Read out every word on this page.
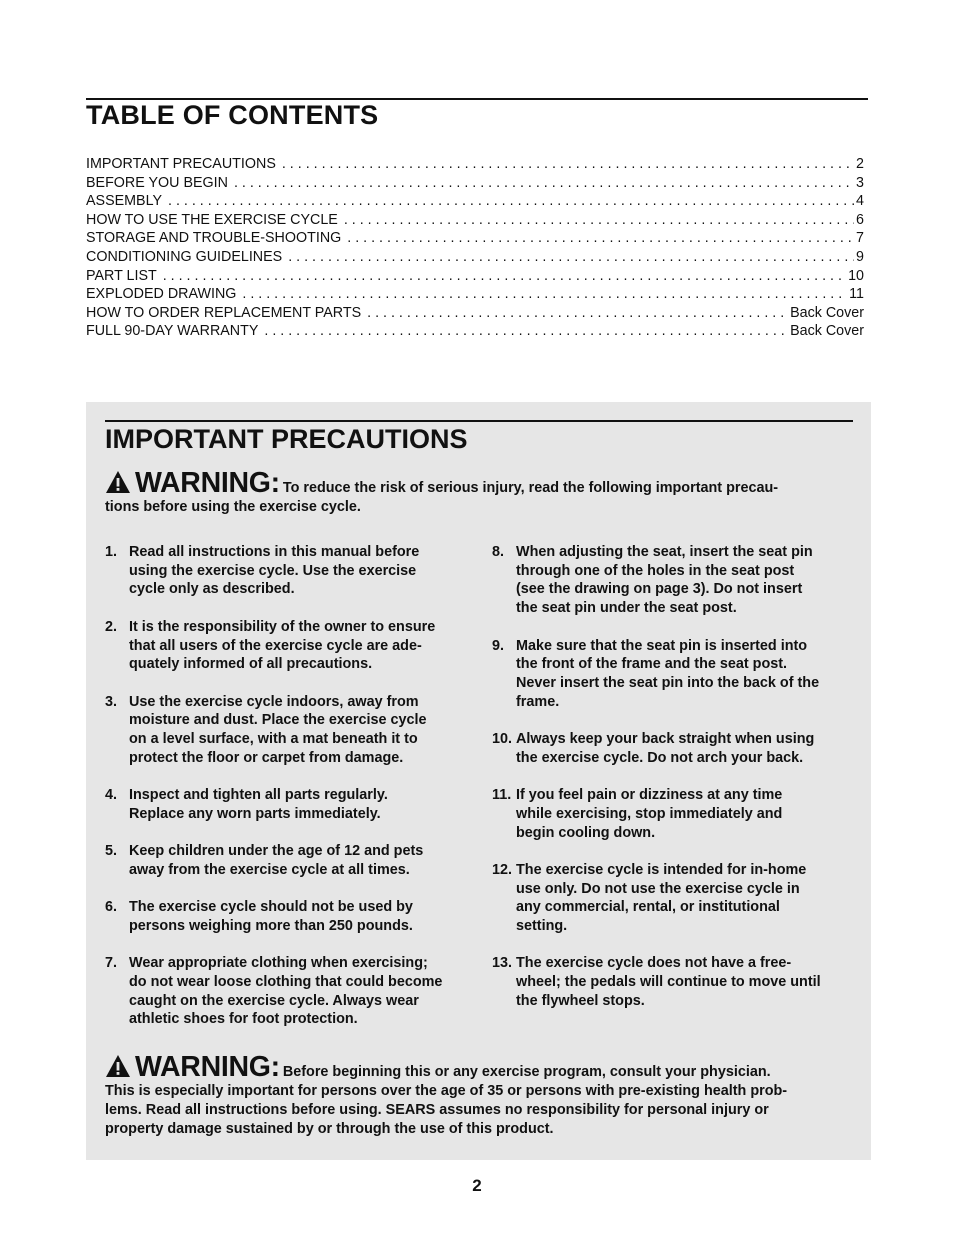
TABLE OF CONTENTS
IMPORTANT PRECAUTIONS . . .	2
BEFORE YOU BEGIN . . .	3
ASSEMBLY . . .	4
HOW TO USE THE EXERCISE CYCLE . . .	6
STORAGE AND TROUBLE-SHOOTING . . .	7
CONDITIONING GUIDELINES . . .	9
PART LIST . . .	10
EXPLODED DRAWING . . .	11
HOW TO ORDER REPLACEMENT PARTS . . .	Back Cover
FULL 90-DAY WARRANTY . . .	Back Cover
IMPORTANT PRECAUTIONS
WARNING: To reduce the risk of serious injury, read the following important precau-
tions before using the exercise cycle.
1. Read all instructions in this manual before
using the exercise cycle. Use the exercise
cycle only as described.
2. It is the responsibility of the owner to ensure
that all users of the exercise cycle are ade-
quately informed of all precautions.
3. Use the exercise cycle indoors, away from
moisture and dust. Place the exercise cycle
on a level surface, with a mat beneath it to
protect the floor or carpet from damage.
4. Inspect and tighten all parts regularly.
Replace any worn parts immediately.
5. Keep children under the age of 12 and pets
away from the exercise cycle at all times.
6. The exercise cycle should not be used by
persons weighing more than 250 pounds.
7. Wear appropriate clothing when exercising;
do not wear loose clothing that could become
caught on the exercise cycle. Always wear
athletic shoes for foot protection.
8. When adjusting the seat, insert the seat pin
through one of the holes in the seat post
(see the drawing on page 3). Do not insert
the seat pin under the seat post.
9. Make sure that the seat pin is inserted into
the front of the frame and the seat post.
Never insert the seat pin into the back of the
frame.
10. Always keep your back straight when using
the exercise cycle. Do not arch your back.
11. If you feel pain or dizziness at any time
while exercising, stop immediately and
begin cooling down.
12. The exercise cycle is intended for in-home
use only. Do not use the exercise cycle in
any commercial, rental, or institutional
setting.
13. The exercise cycle does not have a free-
wheel; the pedals will continue to move until
the flywheel stops.
WARNING: Before beginning this or any exercise program, consult your physician.
This is especially important for persons over the age of 35 or persons with pre-existing health prob-
lems. Read all instructions before using. SEARS assumes no responsibility for personal injury or
property damage sustained by or through the use of this product.
2
